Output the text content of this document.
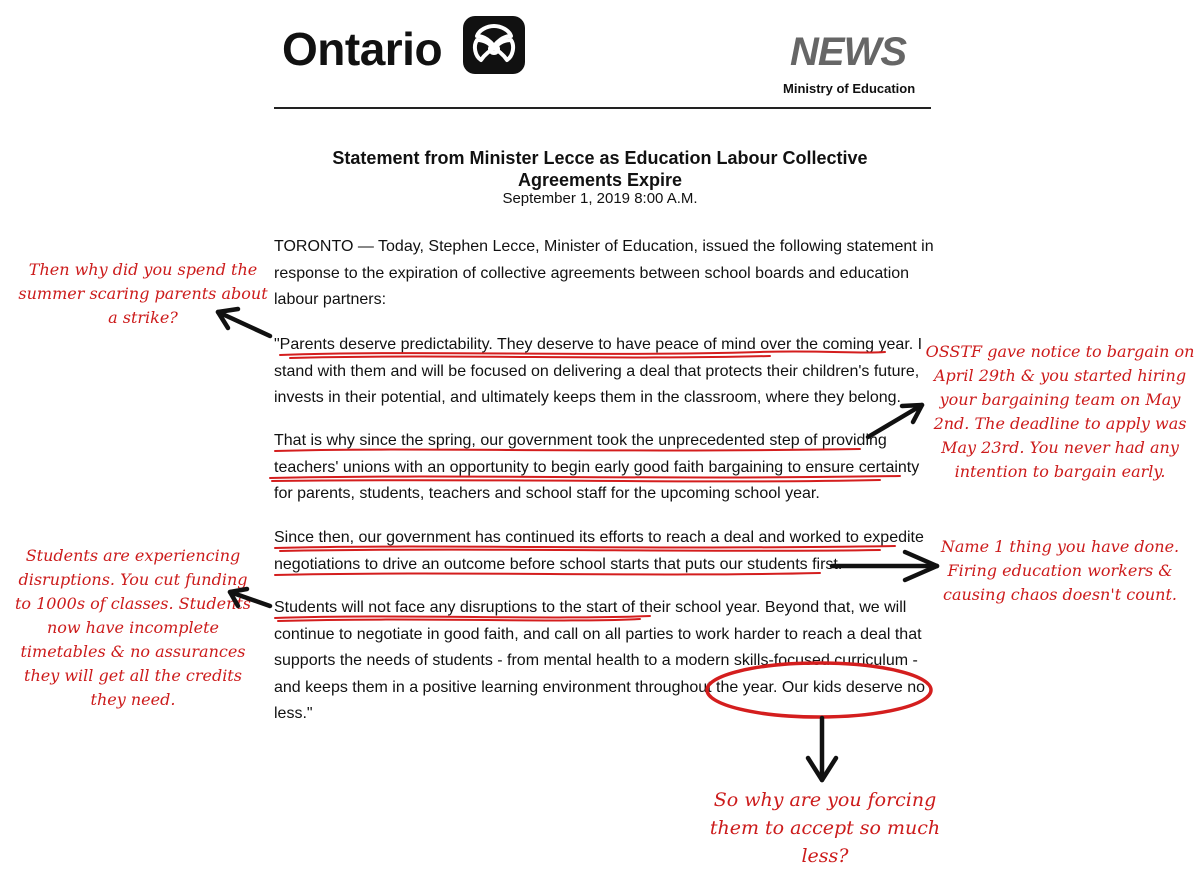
Ontario	NEWS
Ministry of Education
Statement from Minister Lecce as Education Labour Collective
Agreements Expire
September 1, 2019 8:00 A.M.
TORONTO — Today, Stephen Lecce, Minister of Education, issued the following statement in response to the expiration of collective agreements between school boards and education labour partners:
"Parents deserve predictability. They deserve to have peace of mind over the coming year. I stand with them and will be focused on delivering a deal that protects their children's future, invests in their potential, and ultimately keeps them in the classroom, where they belong.
That is why since the spring, our government took the unprecedented step of providing teachers' unions with an opportunity to begin early good faith bargaining to ensure certainty for parents, students, teachers and school staff for the upcoming school year.
Since then, our government has continued its efforts to reach a deal and worked to expedite negotiations to drive an outcome before school starts that puts our students first.
Students will not face any disruptions to the start of their school year. Beyond that, we will continue to negotiate in good faith, and call on all parties to work harder to reach a deal that supports the needs of students - from mental health to a modern skills-focused curriculum - and keeps them in a positive learning environment throughout the year. Our kids deserve no less."
Then why did you spend the summer scaring parents about a strike?
OSSTF gave notice to bargain on April 29th & you started hiring your bargaining team on May 2nd. The deadline to apply was May 23rd. You never had any intention to bargain early.
Name 1 thing you have done. Firing education workers & causing chaos doesn't count.
Students are experiencing disruptions. You cut funding to 1000s of classes. Students now have incomplete timetables & no assurances they will get all the credits they need.
So why are you forcing them to accept so much less?
